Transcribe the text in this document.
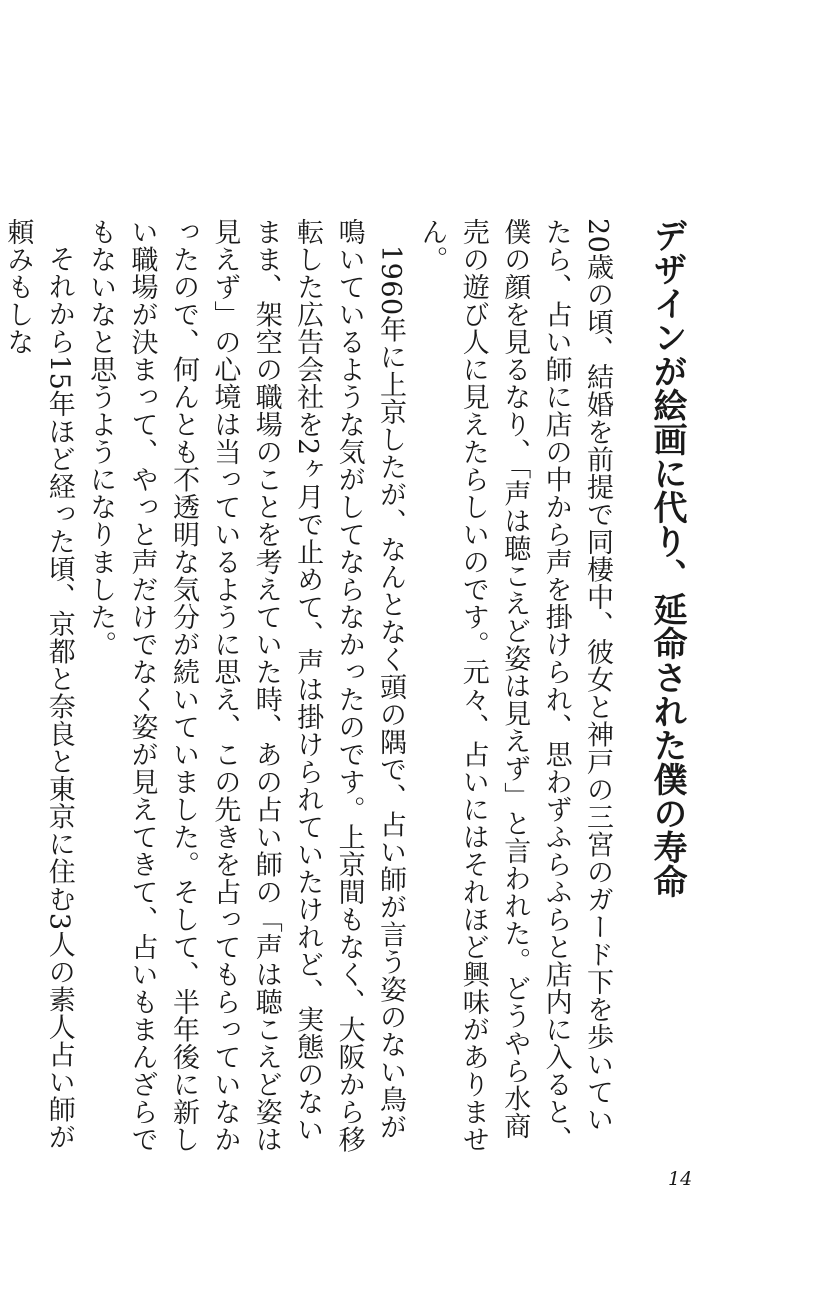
デザインが絵画に代り、延命された僕の寿命

20歳の頃、結婚を前提で同棲中、彼女と神戸の三宮のガード下を歩いていたら、占い師に店の中から声を掛けられ、思わずふらふらと店内に入ると、僕の顔を見るなり、「声は聴こえど姿は見えず」と言われた。どうやら水商売の遊び人に見えたらしいのです。元々、占いにはそれほど興味がありません。

1960年に上京したが、なんとなく頭の隅で、占い師が言う姿のない鳥が鳴いているような気がしてならなかったのです。上京間もなく、大阪から移転した広告会社を2ヶ月で止めて、声は掛けられていたけれど、実態のないまま、架空の職場のことを考えていた時、あの占い師の「声は聴こえど姿は見えず」の心境は当っているように思え、この先きを占ってもらっていなかったので、何んとも不透明な気分が続いていました。そして、半年後に新しい職場が決まって、やっと声だけでなく姿が見えてきて、占いもまんざらでもないなと思うようになりました。

それから15年ほど経った頃、京都と奈良と東京に住む3人の素人占い師が頼みもしな

14
